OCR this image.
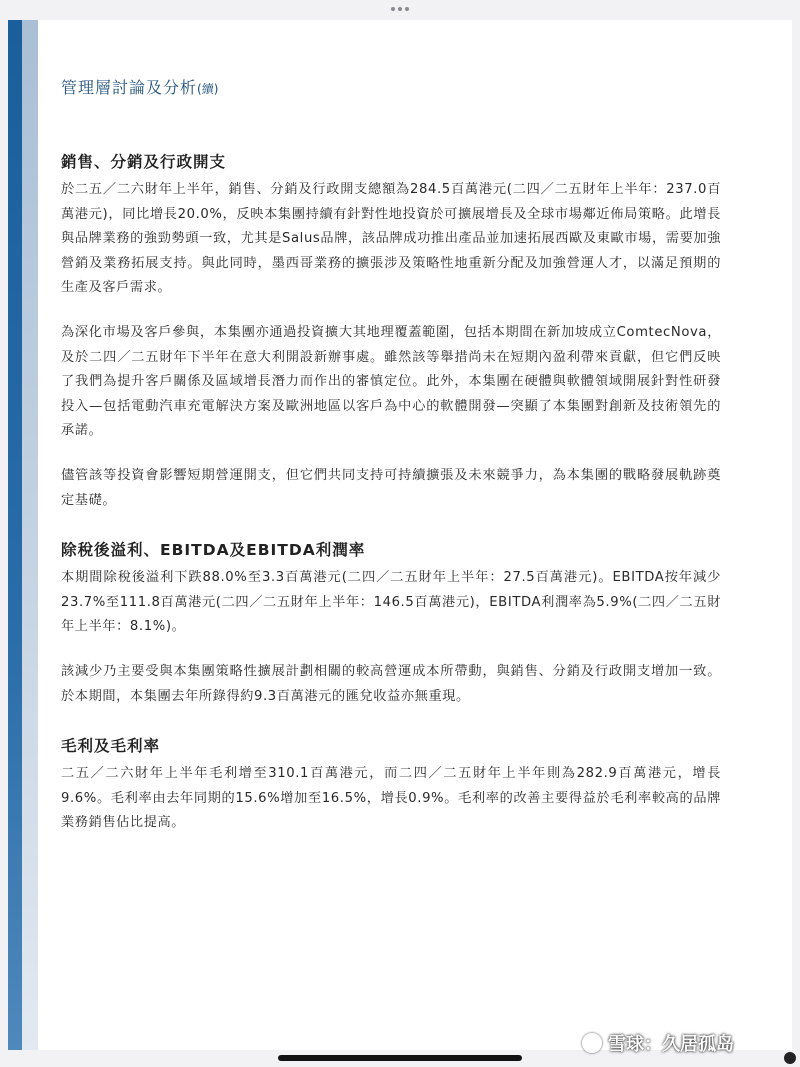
管理層討論及分析(續)
銷售、分銷及行政開支

於二五／二六財年上半年，銷售、分銷及行政開支總額為284.5百萬港元(二四／二五財年上半年：237.0百萬港元)，同比增長20.0%，反映本集團持續有針對性地投資於可擴展增長及全球市場鄰近佈局策略。此增長與品牌業務的強勁勢頭一致，尤其是Salus品牌，該品牌成功推出產品並加速拓展西歐及東歐市場，需要加強營銷及業務拓展支持。與此同時，墨西哥業務的擴張涉及策略性地重新分配及加強營運人才，以滿足預期的生產及客戶需求。

為深化市場及客戶參與，本集團亦通過投資擴大其地理覆蓋範圍，包括本期間在新加坡成立ComtecNova，及於二四／二五財年下半年在意大利開設新辦事處。雖然該等舉措尚未在短期內盈利帶來貢獻，但它們反映了我們為提升客戶關係及區域增長潛力而作出的審慎定位。此外，本集團在硬體與軟體領域開展針對性研發投入—包括電動汽車充電解決方案及歐洲地區以客戶為中心的軟體開發—突顯了本集團對創新及技術領先的承諾。

儘管該等投資會影響短期營運開支，但它們共同支持可持續擴張及未來競爭力，為本集團的戰略發展軌跡奠定基礎。

除稅後溢利、EBITDA及EBITDA利潤率

本期間除稅後溢利下跌88.0%至3.3百萬港元(二四／二五財年上半年：27.5百萬港元)。EBITDA按年減少23.7%至111.8百萬港元(二四／二五財年上半年：146.5百萬港元)，EBITDA利潤率為5.9%(二四／二五財年上半年：8.1%)。

該減少乃主要受與本集團策略性擴展計劃相關的較高營運成本所帶動，與銷售、分銷及行政開支增加一致。於本期間，本集團去年所錄得約9.3百萬港元的匯兌收益亦無重現。

毛利及毛利率

二五／二六財年上半年毛利增至310.1百萬港元，而二四／二五財年上半年則為282.9百萬港元，增長9.6%。毛利率由去年同期的15.6%增加至16.5%，增長0.9%。毛利率的改善主要得益於毛利率較高的品牌業務銷售佔比提高。

雪球：久居孤岛
